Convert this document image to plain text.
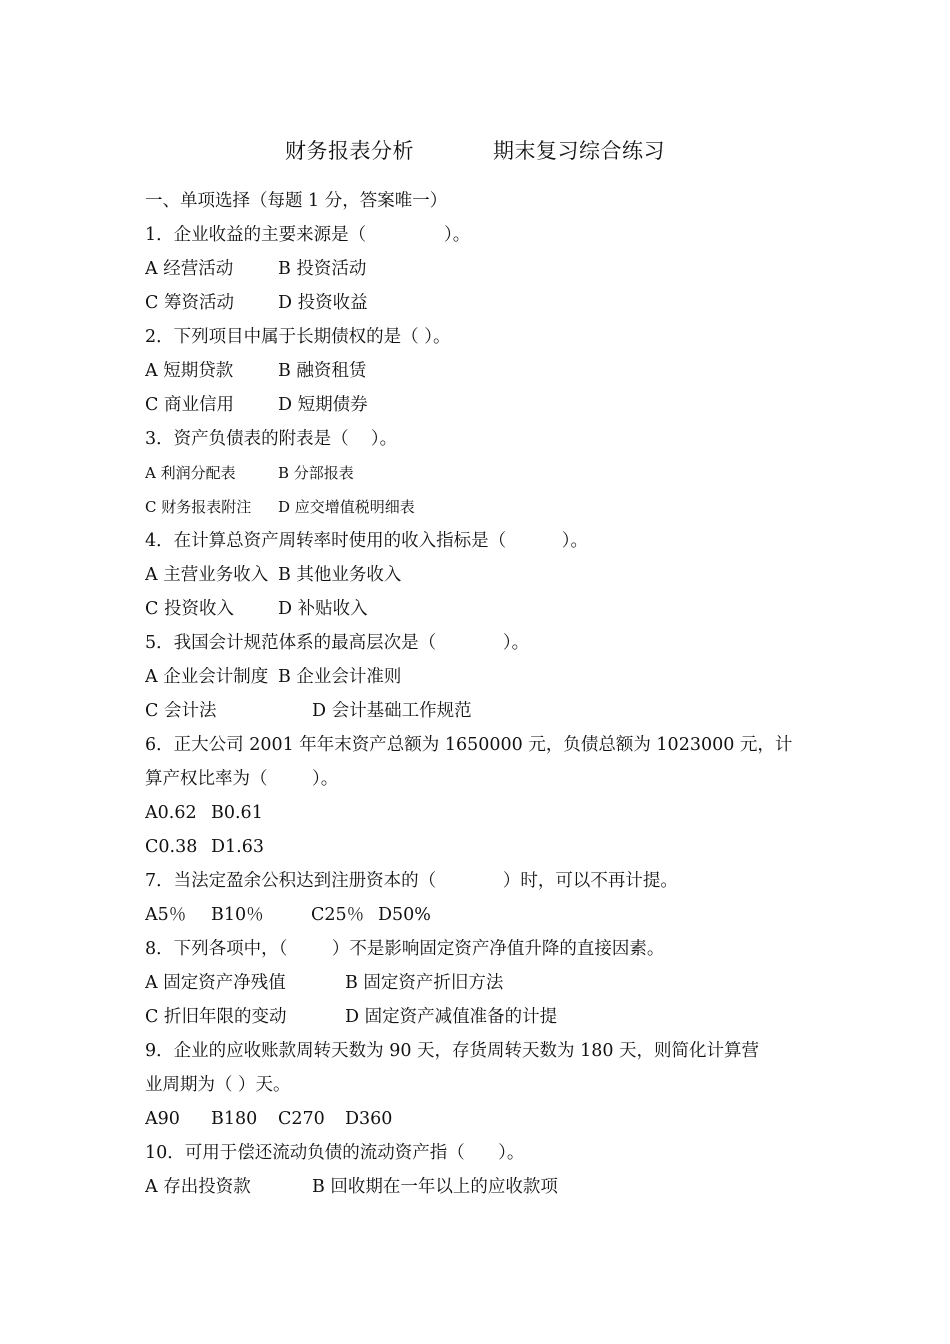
财务报表分析           期末复习综合练习
一、单项选择（每题 1 分，答案唯一）
1．企业收益的主要来源是（              ）。
A 经营活动	B 投资活动
C 筹资活动	D 投资收益
2．下列项目中属于长期债权的是（ ）。
A 短期贷款	B 融资租赁
C 商业信用	D 短期债券
3．资产负债表的附表是（    ）。
A 利润分配表	B 分部报表
C 财务报表附注	D 应交增值税明细表
4．在计算总资产周转率时使用的收入指标是（          ）。
A 主营业务收入 B 其他业务收入
C 投资收入	D 补贴收入
5．我国会计规范体系的最高层次是（            ）。
A 企业会计制度 B 企业会计准则
C 会计法	D 会计基础工作规范
6．正大公司 2001 年年末资产总额为 1650000 元，负债总额为 1023000 元，计
算产权比率为（        ）。
A0.62 B0.61
C0.38 D1.63
7．当法定盈余公积达到注册资本的（            ）时，可以不再计提。
A5％	B10％	C25％ D50%
8．下列各项中，（        ）不是影响固定资产净值升降的直接因素。
A 固定资产净残值	B 固定资产折旧方法
C 折旧年限的变动	D 固定资产减值准备的计提
9．企业的应收账款周转天数为 90 天，存货周转天数为 180 天，则简化计算营
业周期为（ ）天。
A90	B180	C270	D360
10．可用于偿还流动负债的流动资产指（      ）。
A 存出投资款	B 回收期在一年以上的应收款项
